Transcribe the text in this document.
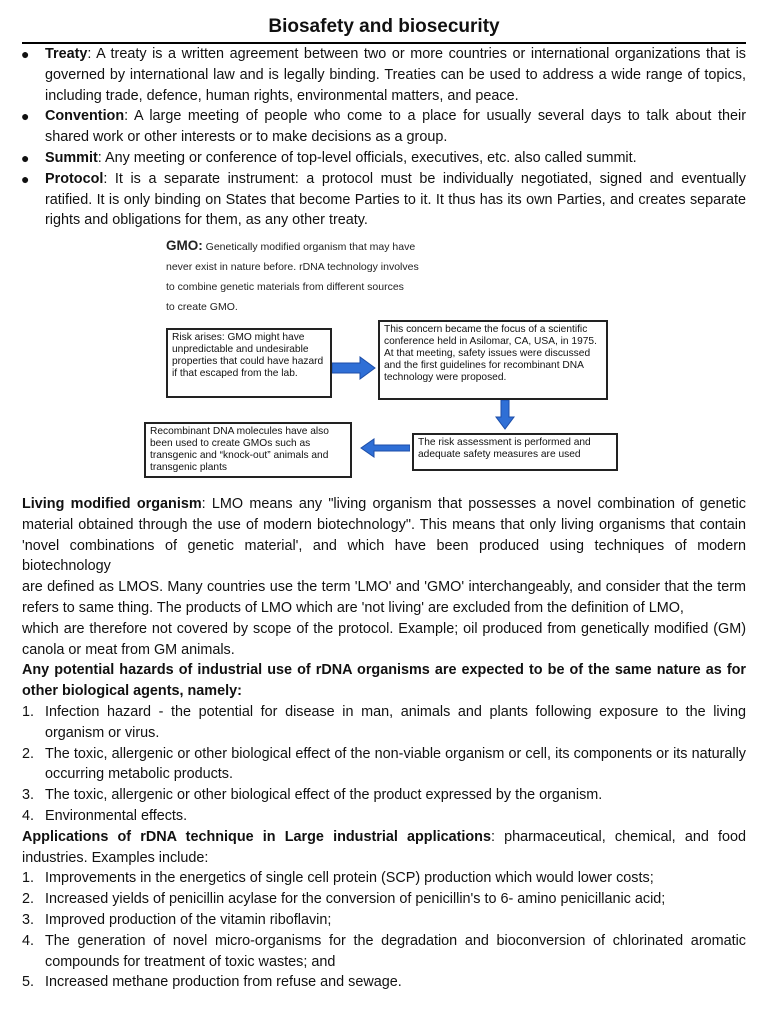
Biosafety and biosecurity
● Treaty: A treaty is a written agreement between two or more countries or international organizations that is governed by international law and is legally binding. Treaties can be used to address a wide range of topics, including trade, defence, human rights, environmental matters, and peace.
● Convention: A large meeting of people who come to a place for usually several days to talk about their shared work or other interests or to make decisions as a group.
● Summit: Any meeting or conference of top-level officials, executives, etc. also called summit.
● Protocol: It is a separate instrument: a protocol must be individually negotiated, signed and eventually ratified. It is only binding on States that become Parties to it. It thus has its own Parties, and creates separate rights and obligations for them, as any other treaty.
GMO: Genetically modified organism that may have
never exist in nature before. rDNA technology involves
to combine genetic materials from different sources
to create GMO.
Risk arises: GMO might have unpredictable and undesirable properties that could have hazard if that escaped from the lab.
This concern became the focus of a scientific conference held in Asilomar, CA, USA, in 1975. At that meeting, safety issues were discussed and the first guidelines for recombinant DNA technology were proposed.
The risk assessment is performed and adequate safety measures are used
Recombinant DNA molecules have also been used to create GMOs such as transgenic and “knock-out” animals and transgenic plants

Living modified organism: LMO means any "living organism that possesses a novel combination of genetic material obtained through the use of modern biotechnology". This means that only living organisms that contain 'novel combinations of genetic material', and which have been produced using techniques of modern biotechnology

are defined as LMOS. Many countries use the term 'LMO' and 'GMO' interchangeably, and consider that the term refers to same thing. The products of LMO which are 'not living' are excluded from the definition of LMO,

which are therefore not covered by scope of the protocol. Example; oil produced from genetically modified (GM) canola or meat from GM animals.

Any potential hazards of industrial use of rDNA organisms are expected to be of the same nature as for other biological agents, namely:

1. Infection hazard - the potential for disease in man, animals and plants following exposure to the living organism or virus.
2. The toxic, allergenic or other biological effect of the non-viable organism or cell, its components or its naturally occurring metabolic products.
3. The toxic, allergenic or other biological effect of the product expressed by the organism.
4. Environmental effects.

Applications of rDNA technique in Large industrial applications: pharmaceutical, chemical, and food industries. Examples include:

1. Improvements in the energetics of single cell protein (SCP) production which would lower costs;
2. Increased yields of penicillin acylase for the conversion of penicillin's to 6- amino penicillanic acid;
3. Improved production of the vitamin riboflavin;
4. The generation of novel micro-organisms for the degradation and bioconversion of chlorinated aromatic compounds for treatment of toxic wastes; and
5. Increased methane production from refuse and sewage.
